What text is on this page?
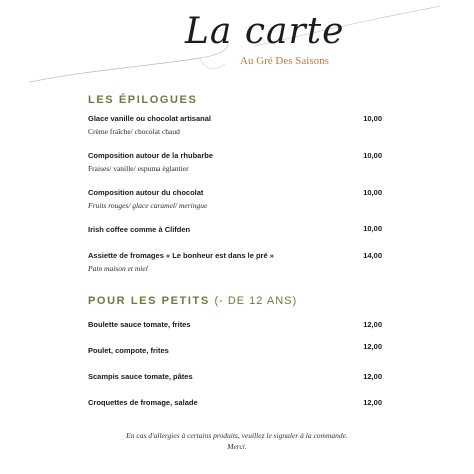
La carte
Au Gré Des Saisons
LES ÉPILOGUES
Glace vanille ou chocolat artisanal	10,00
Crème fraîche/ chocolat chaud
Composition autour de la rhubarbe	10,00
Fraises/ vanille/ espuma églantier
Composition autour du chocolat	10,00
Fruits rouges/ glace caramel/ meringue
Irish coffee comme à Clifden	10,00
Assiette de fromages « Le bonheur est dans le pré »	14,00
Pain maison et miel
POUR LES PETITS (- DE 12 ANS)
Boulette sauce tomate, frites	12,00
Poulet, compote, frites	12,00
Scampis sauce tomate, pâtes	12,00
Croquettes de fromage, salade	12,00
En cas d'allergies à certains produits, veuillez le signaler à la commande.
Merci.
